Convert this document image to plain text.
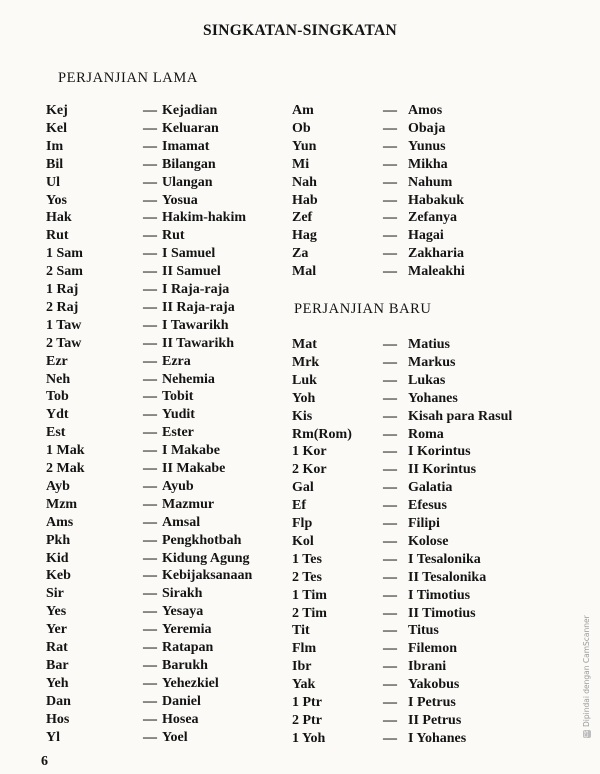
SINGKATAN-SINGKATAN
PERJANJIAN LAMA
PERJANJIAN BARU
Kej	— Kejadian
Kel	— Keluaran
Im	— Imamat
Bil	— Bilangan
Ul	— Ulangan
Yos	— Yosua
Hak	— Hakim-hakim
Rut	— Rut
1 Sam	— I Samuel
2 Sam	— II Samuel
1 Raj	— I Raja-raja
2 Raj	— II Raja-raja
1 Taw	— I Tawarikh
2 Taw	— II Tawarikh
Ezr	— Ezra
Neh	— Nehemia
Tob	— Tobit
Ydt	— Yudit
Est	— Ester
1 Mak	— I Makabe
2 Mak	— II Makabe
Ayb	— Ayub
Mzm	— Mazmur
Ams	— Amsal
Pkh	— Pengkhotbah
Kid	— Kidung Agung
Keb	— Kebijaksanaan
Sir	— Sirakh
Yes	— Yesaya
Yer	— Yeremia
Rat	— Ratapan
Bar	— Barukh
Yeh	— Yehezkiel
Dan	— Daniel
Hos	— Hosea
Yl	— Yoel
Am	— Amos
Ob	— Obaja
Yun	— Yunus
Mi	— Mikha
Nah	— Nahum
Hab	— Habakuk
Zef	— Zefanya
Hag	— Hagai
Za	— Zakharia
Mal	— Maleakhi
Mat	— Matius
Mrk	— Markus
Luk	— Lukas
Yoh	— Yohanes
Kis	— Kisah para Rasul
Rm(Rom) — Roma
1 Kor	— I Korintus
2 Kor	— II Korintus
Gal	— Galatia
Ef	— Efesus
Flp	— Filipi
Kol	— Kolose
1 Tes	— I Tesalonika
2 Tes	— II Tesalonika
1 Tim	— I Timotius
2 Tim	— II Timotius
Tit	— Titus
Flm	— Filemon
Ibr	— Ibrani
Yak	— Yakobus
1 Ptr	— I Petrus
2 Ptr	— II Petrus
1 Yoh	— I Yohanes
6
CSDipindai dengan CamScanner
